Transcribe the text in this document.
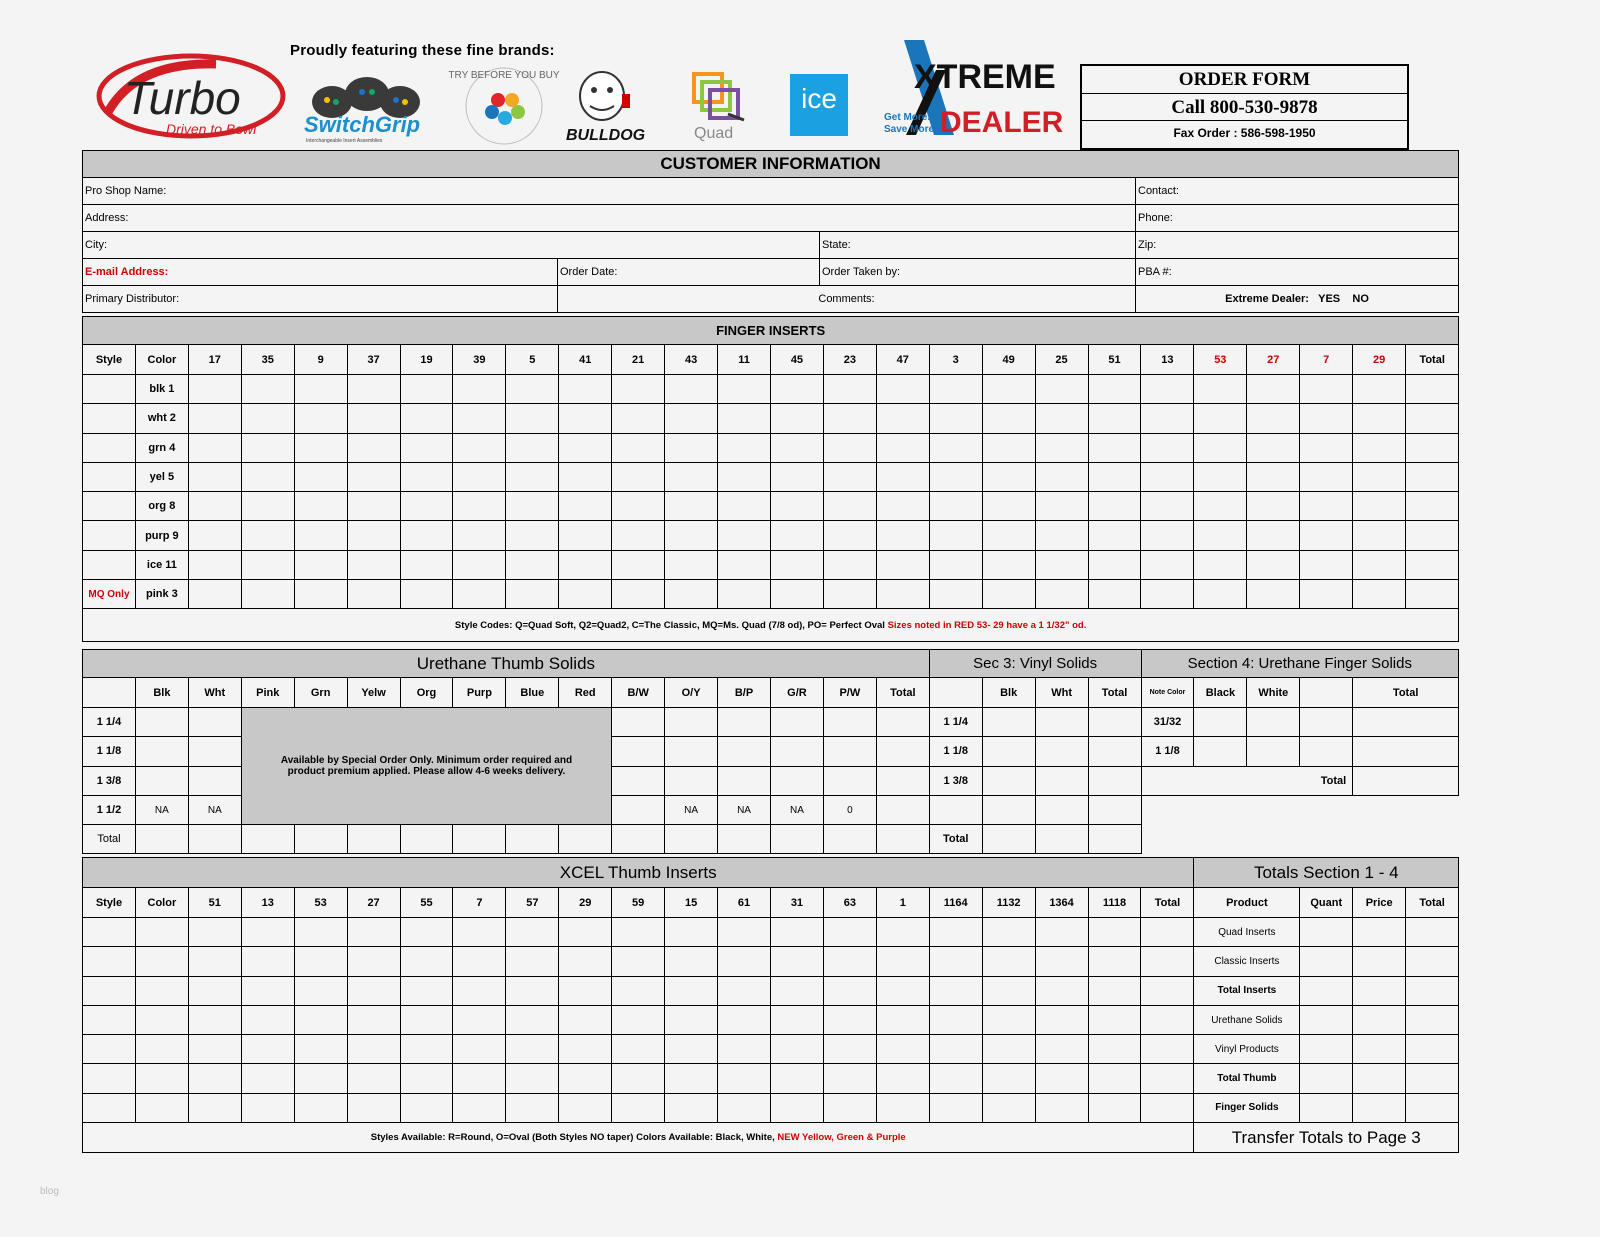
Proudly featuring these fine brands:
Turbo
Driven to Bowl SwitchGrip
Interchangeable Insert Assemblies
TRY BEFORE YOU BUY
BULLDOG	Quad
ice
XTREME
DEALER
Get More.
Save More.
ORDER FORM
Call 800-530-9878
Fax Order : 586-598-1950
CUSTOMER INFORMATION			
Pro Shop Name:			Contact:
Address:			Phone:
City:		State:	Zip:
E-mail Address:	Order Date:	Order Taken by:	PBA #:
Primary Distributor:	Comments:		Extreme Dealer: YES NO
FINGER INSERTS																									
Style	Color	17	35	9	37	19	39	5	41	21	43	11	45	23	47	3	49	25	51	13	53	27	7	29	Total
	blk 1																								
	wht 2																								
	grn 4																								
	yel 5																								
	org 8																								
	purp 9																								
	ice 11																								
MQ Only	pink 3																								
Style Codes: Q=Quad Soft, Q2=Quad2, C=The Classic, MQ=Ms. Quad (7/8 od), PO= Perfect Oval Sizes noted in RED 53- 29 have a 1 1/32" od.																									
Urethane Thumb Solids																Sec 3: Vinyl Solids				Section 4: Urethane Finger Solids				
	Blk	Wht	Pink	Grn	Yelw	Org	Purp	Blue	Red	B/W	O/Y	B/P	G/R	P/W	Total		Blk	Wht	Total	Note Color	Black	White		Total
1 1/4			Available by Special Order Only. Minimum order required and product premium applied. Please allow 4-6 weeks delivery.													1 1/4				31/32				
1 1/8																1 1/8				1 1/8				
1 3/8																1 3/8				Total				
1 1/2	NA	NA									NA	NA	NA	0										
Total																Total								
XCEL Thumb Inserts																					Totals Section 1 - 4			
Style	Color	51	13	53	27	55	7	57	29	59	15	61	31	63	1	1164	1132	1364	1118	Total	Product	Quant	Price	Total
																					Quad Inserts			
																					Classic Inserts			
																					Total Inserts			
																					Urethane Solids			
																					Vinyl Products			
																					Total Thumb			
																					Finger Solids			
Styles Available: R=Round, O=Oval (Both Styles NO taper) Colors Available: Black, White, NEW Yellow, Green & Purple																					Transfer Totals to Page 3			
blog
